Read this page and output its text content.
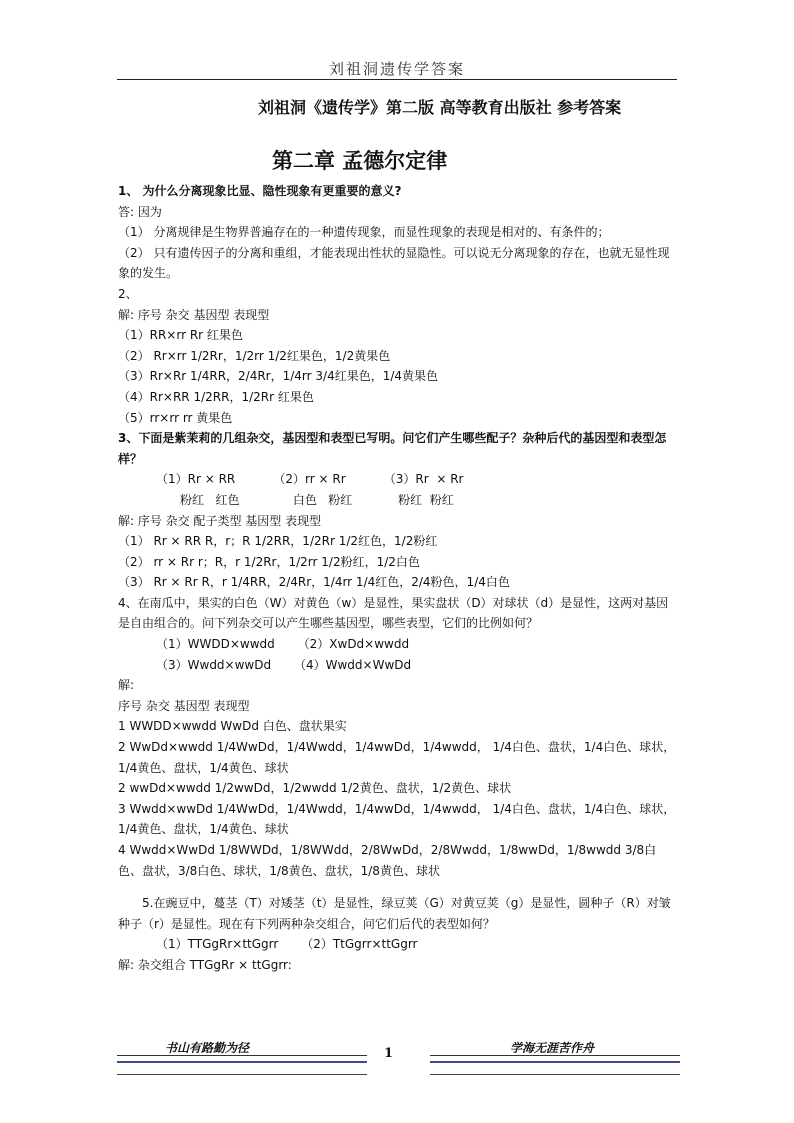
刘祖洞遗传学答案
刘祖洞《遗传学》第二版 高等教育出版社 参考答案
第二章 孟德尔定律

1、 为什么分离现象比显、隐性现象有更重要的意义?

答: 因为

（1） 分离规律是生物界普遍存在的一种遗传现象，而显性现象的表现是相对的、有条件的；

（2） 只有遗传因子的分离和重组，才能表现出性状的显隐性。可以说无分离现象的存在，也就无显性现象的发生。

2、

解: 序号 杂交 基因型 表现型

（1）RR×rr Rr 红果色

（2） Rr×rr 1/2Rr，1/2rr 1/2红果色，1/2黄果色

（3）Rr×Rr 1/4RR，2/4Rr，1/4rr 3/4红果色，1/4黄果色

（4）Rr×RR 1/2RR，1/2Rr 红果色

（5）rr×rr rr 黄果色

3、下面是紫茉莉的几组杂交，基因型和表型已写明。问它们产生哪些配子？杂种后代的基因型和表型怎样？

（1）Rr × RR          （2）rr × Rr          （3）Rr  × Rr

粉红   红色              白色   粉红            粉红  粉红

解: 序号 杂交 配子类型 基因型 表现型

（1） Rr × RR R，r；R 1/2RR，1/2Rr 1/2红色，1/2粉红

（2） rr × Rr r；R，r 1/2Rr，1/2rr 1/2粉红，1/2白色

（3） Rr × Rr R，r 1/4RR，2/4Rr，1/4rr 1/4红色，2/4粉色，1/4白色

4、在南瓜中，果实的白色（W）对黄色（w）是显性，果实盘状（D）对球状（d）是显性，这两对基因是自由组合的。问下列杂交可以产生哪些基因型，哪些表型，它们的比例如何？

（1）WWDD×wwdd      （2）XwDd×wwdd

（3）Wwdd×wwDd      （4）Wwdd×WwDd

解:

序号 杂交 基因型 表现型

1 WWDD×wwdd WwDd 白色、盘状果实

2 WwDd×wwdd 1/4WwDd，1/4Wwdd，1/4wwDd，1/4wwdd， 1/4白色、盘状，1/4白色、球状，1/4黄色、盘状，1/4黄色、球状

2 wwDd×wwdd 1/2wwDd，1/2wwdd 1/2黄色、盘状，1/2黄色、球状

3 Wwdd×wwDd 1/4WwDd，1/4Wwdd，1/4wwDd，1/4wwdd， 1/4白色、盘状，1/4白色、球状，1/4黄色、盘状，1/4黄色、球状

4 Wwdd×WwDd 1/8WWDd，1/8WWdd，2/8WwDd，2/8Wwdd，1/8wwDd，1/8wwdd 3/8白色、盘状，3/8白色、球状，1/8黄色、盘状，1/8黄色、球状

5.在豌豆中，蔓茎（T）对矮茎（t）是显性，绿豆荚（G）对黄豆荚（g）是显性，圆种子（R）对皱种子（r）是显性。现在有下列两种杂交组合，问它们后代的表型如何？

（1）TTGgRr×ttGgrr      （2）TtGgrr×ttGgrr

解: 杂交组合 TTGgRr × ttGgrr:

书山有路勤为径	1	学海无涯苦作舟
